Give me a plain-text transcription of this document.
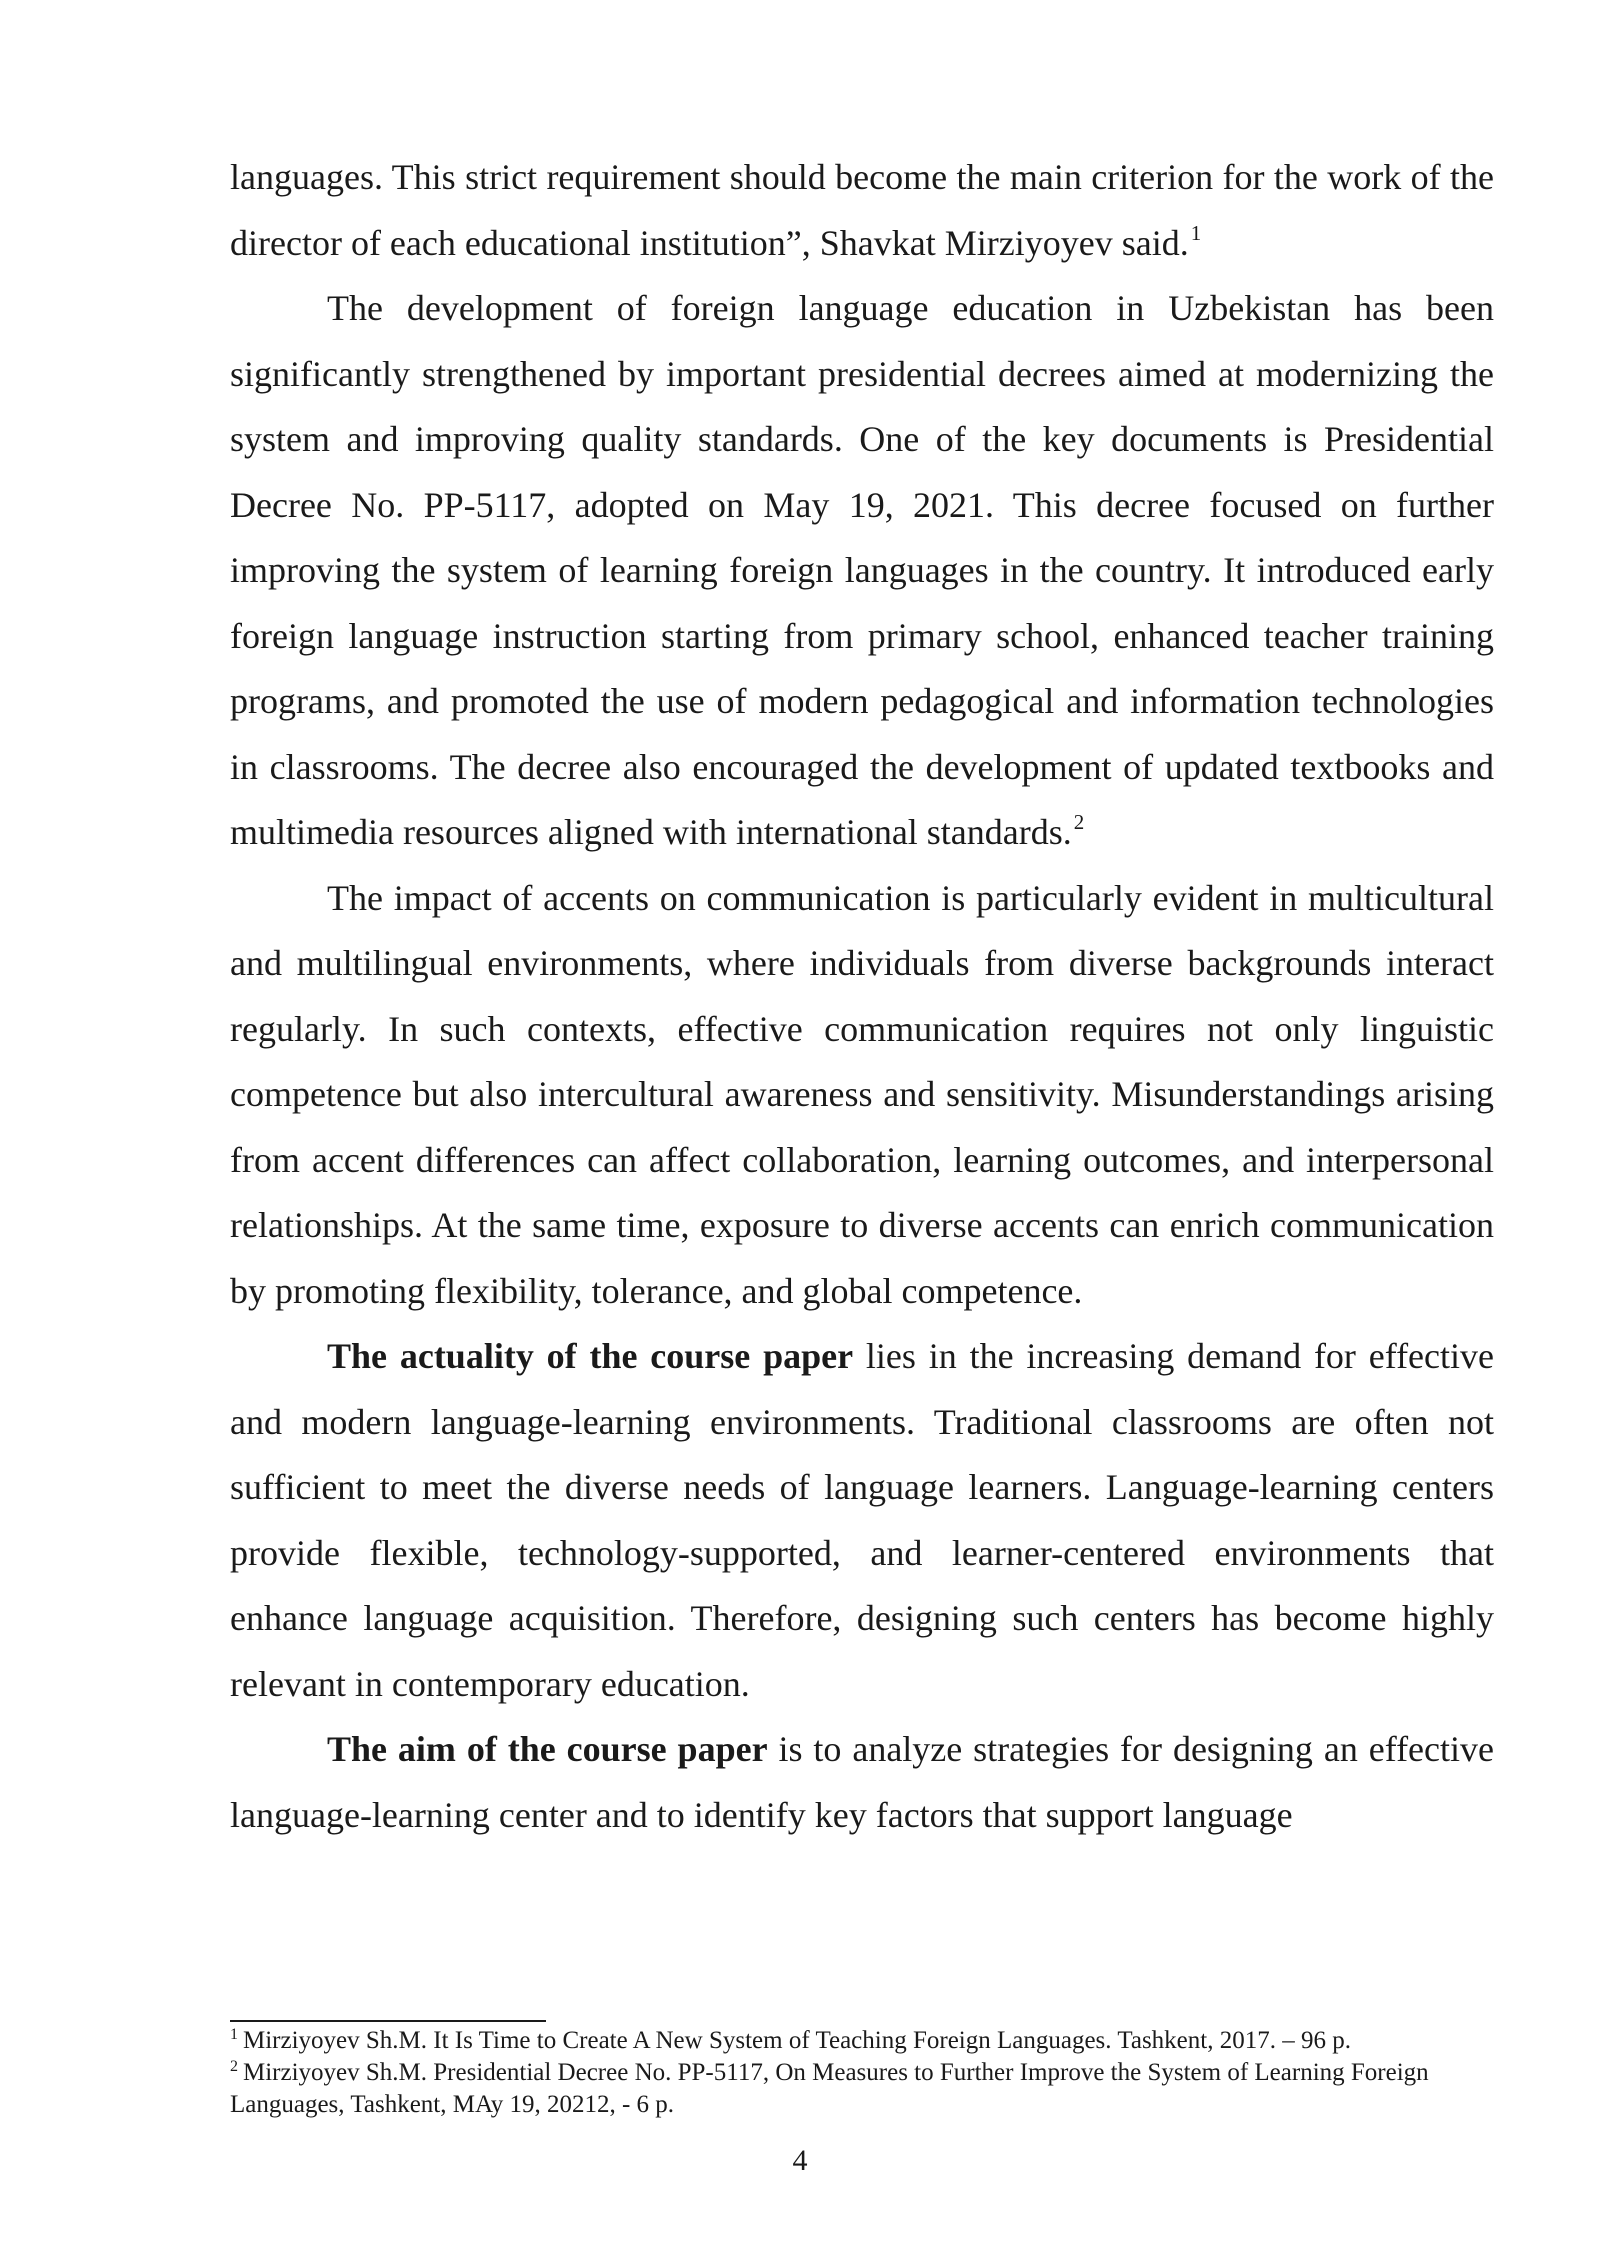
languages. This strict requirement should become the main criterion for the work of the director of each educational institution”, Shavkat Mirziyoyev said.$^1$

The development of foreign language education in Uzbekistan has been significantly strengthened by important presidential decrees aimed at modernizing the system and improving quality standards. One of the key documents is Presidential Decree No. PP-5117, adopted on May 19, 2021. This decree focused on further improving the system of learning foreign languages in the country. It introduced early foreign language instruction starting from primary school, enhanced teacher training programs, and promoted the use of modern pedagogical and information technologies in classrooms. The decree also encouraged the development of updated textbooks and multimedia resources aligned with international standards.$^2$

The impact of accents on communication is particularly evident in multicultural and multilingual environments, where individuals from diverse backgrounds interact regularly. In such contexts, effective communication requires not only linguistic competence but also intercultural awareness and sensitivity. Misunderstandings arising from accent differences can affect collaboration, learning outcomes, and interpersonal relationships. At the same time, exposure to diverse accents can enrich communication by promoting flexibility, tolerance, and global competence.

The actuality of the course paper lies in the increasing demand for effective and modern language-learning environments. Traditional classrooms are often not sufficient to meet the diverse needs of language learners. Language-learning centers provide flexible, technology-supported, and learner-centered environments that enhance language acquisition. Therefore, designing such centers has become highly relevant in contemporary education.

The aim of the course paper is to analyze strategies for designing an effective language-learning center and to identify key factors that support language

$^1$ Mirziyoyev Sh.M. It Is Time to Create A New System of Teaching Foreign Languages. Tashkent, 2017. – 96 p.

$^2$ Mirziyoyev Sh.M. Presidential Decree No. PP-5117, On Measures to Further Improve the System of Learning Foreign Languages, Tashkent, MAy 19, 20212, - 6 p.

4
